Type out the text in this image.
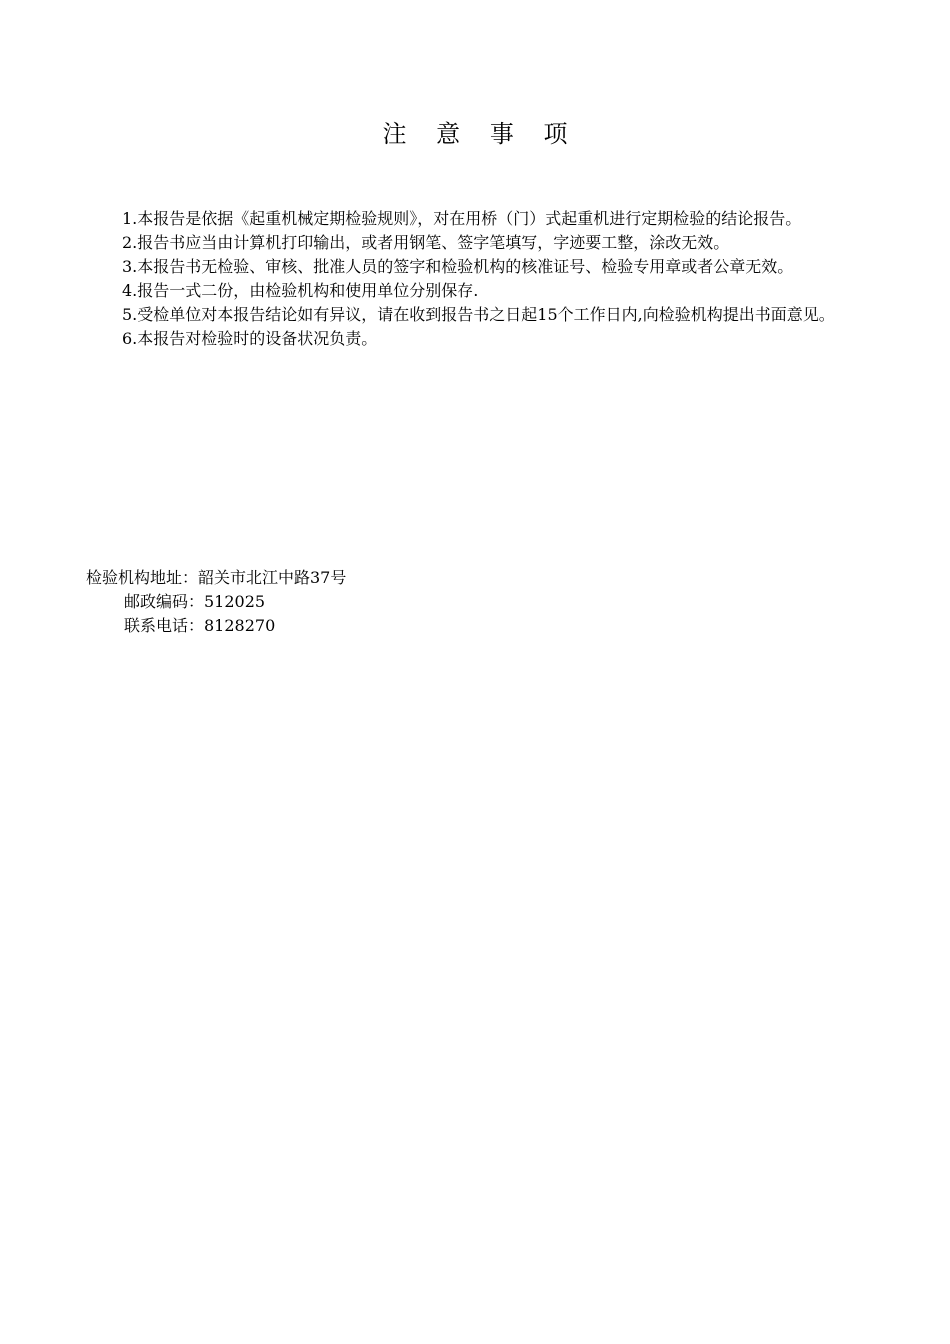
注 意 事 项

1.本报告是依据《起重机械定期检验规则》，对在用桥（门）式起重机进行定期检验的结论报告。

2.报告书应当由计算机打印输出，或者用钢笔、签字笔填写，字迹要工整，涂改无效。

3.本报告书无检验、审核、批准人员的签字和检验机构的核准证号、检验专用章或者公章无效。

4.报告一式二份，由检验机构和使用单位分别保存.

5.受检单位对本报告结论如有异议，请在收到报告书之日起15个工作日内,向检验机构提出书面意见。

6.本报告对检验时的设备状况负责。

检验机构地址：韶关市北江中路37号
邮政编码：512025
联系电话：8128270
